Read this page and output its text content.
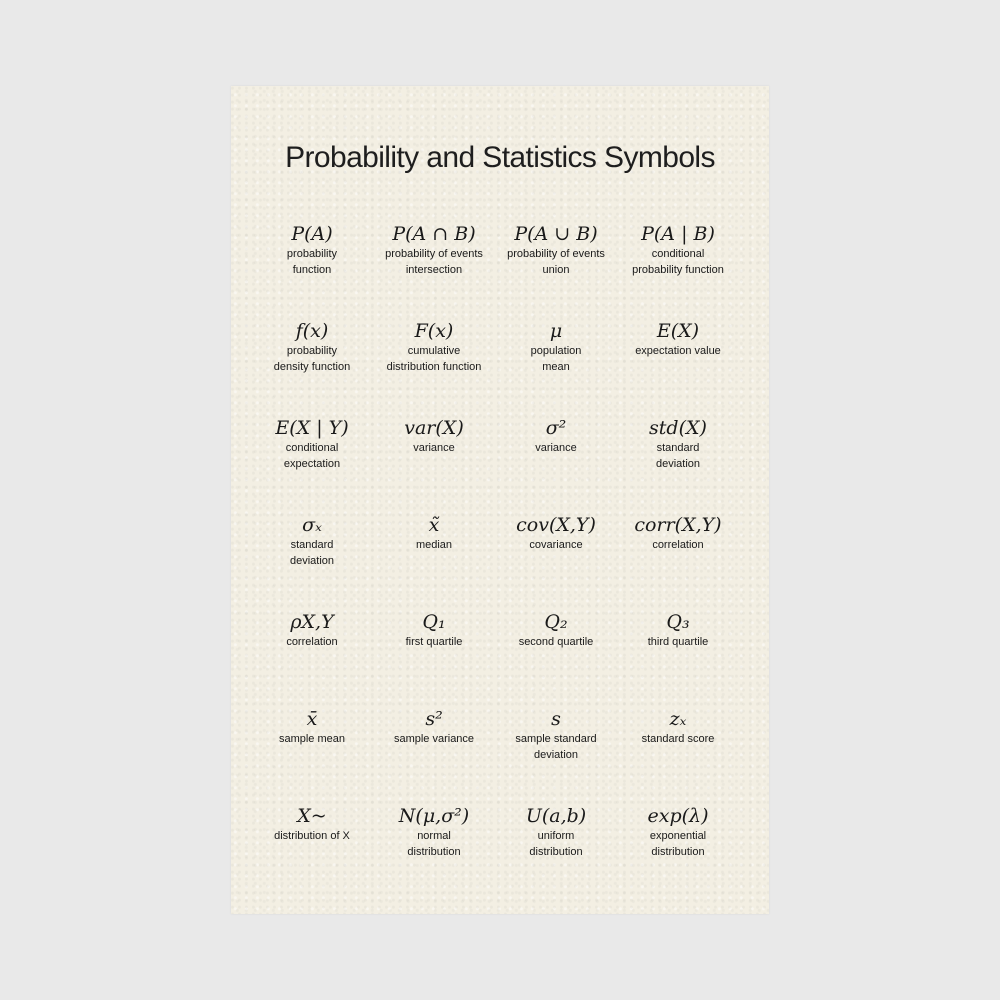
Probability and Statistics Symbols
P(A)
probability
function
P(A ∩ B)
probability of events
intersection
P(A ∪ B)
probability of events
union
P(A | B)
conditional
probability function
f(x)
probability
density function
F(x)
cumulative
distribution function
μ
population
mean
E(X)
expectation value
E(X | Y)
conditional
expectation
var(X)
variance
σ²
variance
std(X)
standard
deviation
σₓ
standard
deviation
x̃
median
cov(X,Y)
covariance
corr(X,Y)
correlation
ρX,Y
correlation
Q₁
first quartile
Q₂
second quartile
Q₃
third quartile
x̄
sample mean
s²
sample variance
s
sample standard
deviation
zₓ
standard score
X~
distribution of X
N(μ,σ²)
normal
distribution
U(a,b)
uniform
distribution
exp(λ)
exponential
distribution
